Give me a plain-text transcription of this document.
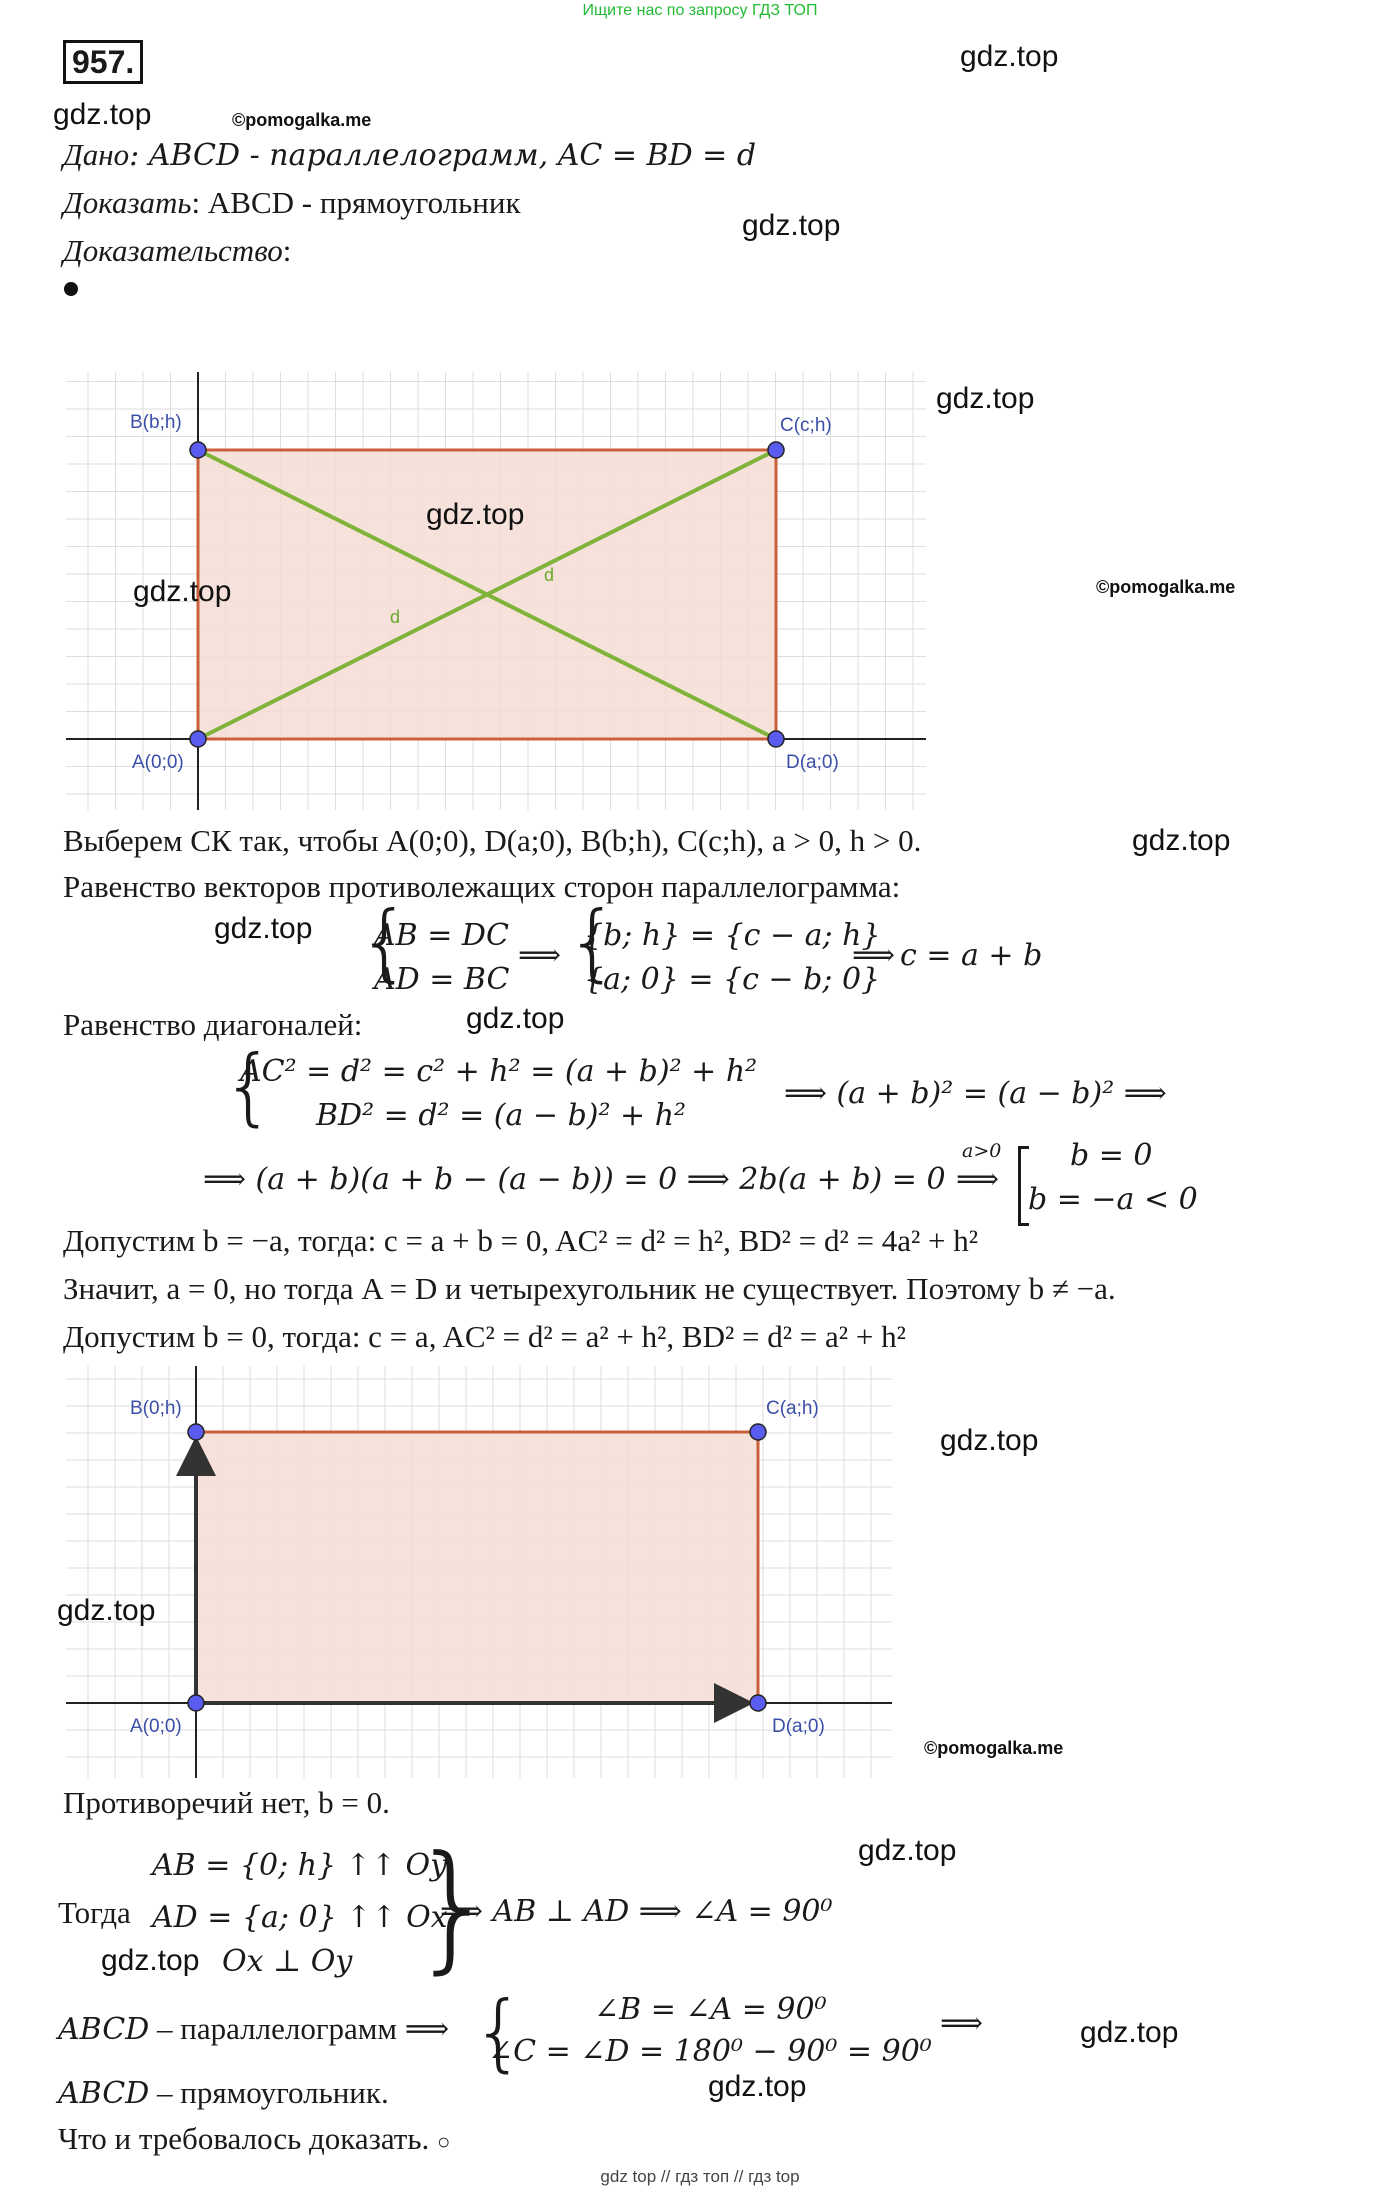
Ищите нас по запросу ГДЗ ТОП
957.	gdz.top
gdz.top	©pomogalka.me
gdz.top
Дано: ABCD - параллелограмм, AC = BD = d
Доказать: ABCD - прямоугольник
Доказательство:
A(0;0)
B(b;h)	C(c;h)
D(a;0)
d
d
gdz.top
gdz.top
gdz.top	©pomogalka.me
Выберем СК так, чтобы A(0;0), D(a;0), B(b;h), C(c;h), a > 0, h > 0.	gdz.top
Равенство векторов противолежащих сторон параллелограмма:
gdz.top {
AB = DC
AD = BC
⟹ {
{b; h} = {c − a; h}
{a; 0} = {c − b; 0}
⟹ c = a + b
Равенство диагоналей:	gdz.top
{
AC² = d² = c² + h² = (a + b)² + h²
BD² = d² = (a − b)² + h²
⟹ (a + b)² = (a − b)² ⟹
⟹ (a + b)(a + b − (a − b)) = 0 ⟹ 2b(a + b) = 0
a>0
⟹
b = 0
b = −a < 0
Допустим b = −a, тогда: c = a + b = 0, AC² = d² = h², BD² = d² = 4a² + h²
Значит, a = 0, но тогда A = D и четырехугольник не существует. Поэтому b ≠ −a.
Допустим b = 0, тогда: c = a, AC² = d² = a² + h², BD² = d² = a² + h²
A(0;0)
B(0;h)	C(a;h)
D(a;0)
gdz.top
gdz.top
©pomogalka.me
Противоречий нет, b = 0.
gdz.top
Тогда
AB = {0; h} ↑↑ Oy
AD = {a; 0} ↑↑ Ox
gdz.top Ox ⊥ Oy }
⟹ AB ⊥ AD ⟹ ∠A = 90⁰
ABCD – параллелограмм ⟹ { ∠B = ∠A = 90⁰
∠C = ∠D = 180⁰ − 90⁰ = 90⁰
⟹	gdz.top
ABCD – прямоугольник.	gdz.top
Что и требовалось доказать. ○
gdz top // гдз топ // гдз top
